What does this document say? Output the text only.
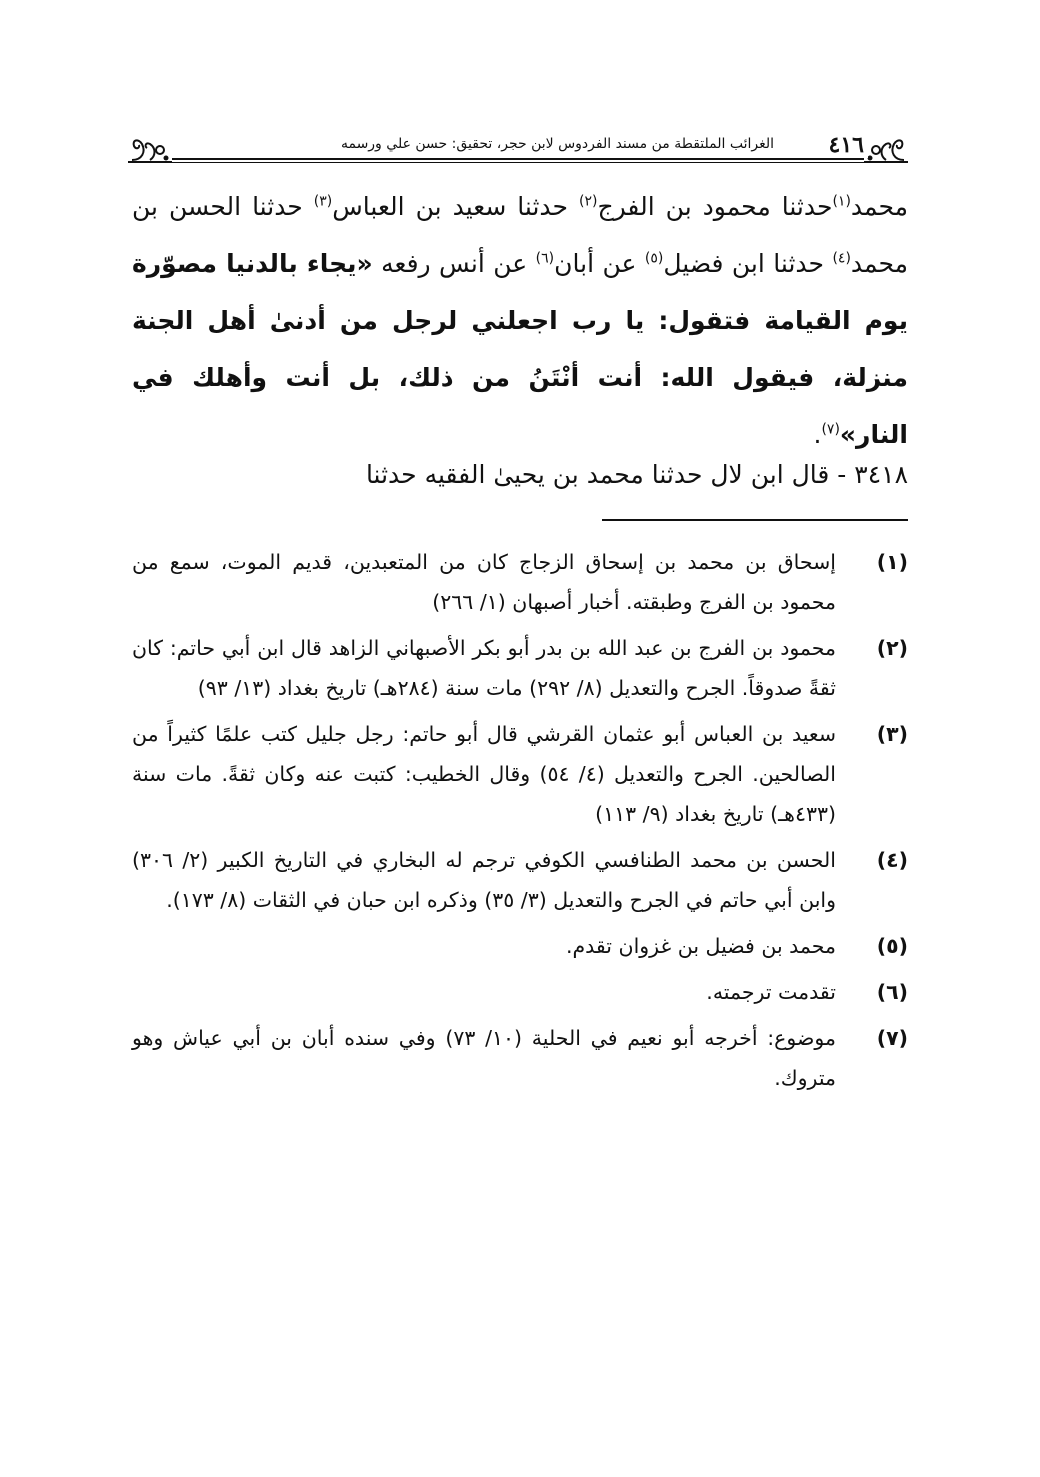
٤١٦
الغرائب الملتقطة من مسند الفردوس لابن حجر، تحقيق: حسن علي ورسمه

محمد$^{(١)}$حدثنا محمود بن الفرج$^{(٢)}$ حدثنا سعيد بن العباس$^{(٣)}$ حدثنا الحسن بن محمد$^{(٤)}$ حدثنا ابن فضيل$^{(٥)}$ عن أبان$^{(٦)}$ عن أنس رفعه «يجاء بالدنيا مصوّرة يوم القيامة فتقول: يا رب اجعلني لرجل من أدنىٰ أهل الجنة منزلة، فيقول الله: أنت أنْتَنُ من ذلك، بل أنت وأهلك في النار»$^{(٧)}$.

٣٤١٨ - قال ابن لال حدثنا محمد بن يحيىٰ الفقيه حدثنا
(١)
إسحاق بن محمد بن إسحاق الزجاج كان من المتعبدين، قديم الموت، سمع من محمود بن الفرج وطبقته. أخبار أصبهان (١/ ٢٦٦)
(٢)
محمود بن الفرج بن عبد الله بن بدر أبو بكر الأصبهاني الزاهد قال ابن أبي حاتم: كان ثقةً صدوقاً. الجرح والتعديل (٨/ ٢٩٢) مات سنة (٢٨٤هـ) تاريخ بغداد (١٣/ ٩٣)
(٣)
سعيد بن العباس أبو عثمان القرشي قال أبو حاتم: رجل جليل كتب علمًا كثيراً من الصالحين. الجرح والتعديل (٤/ ٥٤) وقال الخطيب: كتبت عنه وكان ثقةً. مات سنة (٤٣٣هـ) تاريخ بغداد (٩/ ١١٣)
(٤)
الحسن بن محمد الطنافسي الكوفي ترجم له البخاري في التاريخ الكبير (٢/ ٣٠٦) وابن أبي حاتم في الجرح والتعديل (٣/ ٣٥) وذكره ابن حبان في الثقات (٨/ ١٧٣).
(٥)
محمد بن فضيل بن غزوان تقدم.
(٦)
تقدمت ترجمته.
(٧)
موضوع: أخرجه أبو نعيم في الحلية (١٠/ ٧٣) وفي سنده أبان بن أبي عياش وهو متروك.
